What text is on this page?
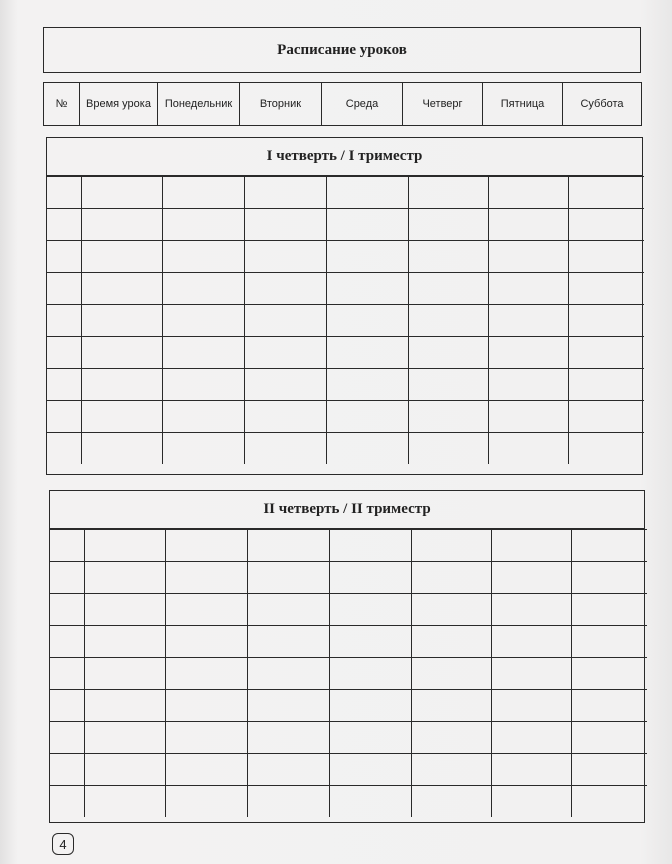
Расписание уроков
№	Время урока	Понедельник	Вторник	Среда	Четверг	Пятница	Суббота
I четверть / I триместр

II четверть / II триместр

4
